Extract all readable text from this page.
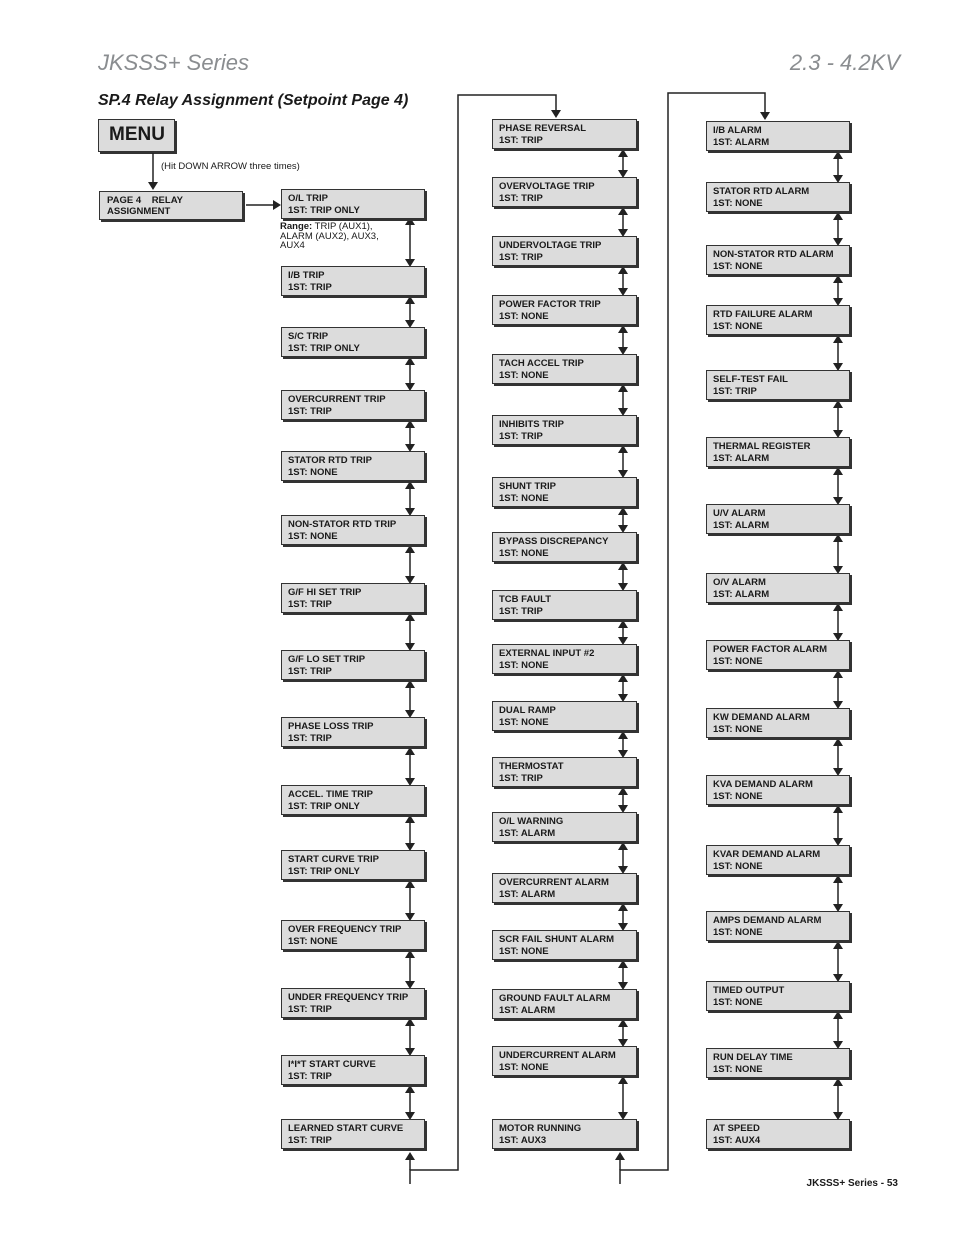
JKSSS+ Series	2.3 - 4.2KV
SP.4 Relay Assignment (Setpoint Page 4)
MENU
(Hit DOWN ARROW three times)
PAGE 4    RELAY
ASSIGNMENT
Range: TRIP (AUX1), ALARM (AUX2), AUX3, AUX4
O/L TRIP
1ST: TRIP ONLY
I/B TRIP
1ST: TRIP
S/C TRIP
1ST: TRIP ONLY
OVERCURRENT TRIP
1ST: TRIP
STATOR RTD TRIP
1ST: NONE
NON-STATOR RTD TRIP
1ST: NONE
G/F HI SET TRIP
1ST: TRIP
G/F LO SET TRIP
1ST: TRIP
PHASE LOSS TRIP
1ST: TRIP
ACCEL. TIME TRIP
1ST: TRIP ONLY
START CURVE TRIP
1ST: TRIP ONLY
OVER FREQUENCY TRIP
1ST: NONE
UNDER FREQUENCY TRIP
1ST: TRIP
I*I*T START CURVE
1ST: TRIP
LEARNED START CURVE
1ST: TRIP
PHASE REVERSAL
1ST: TRIP
OVERVOLTAGE TRIP
1ST: TRIP
UNDERVOLTAGE TRIP
1ST: TRIP
POWER FACTOR TRIP
1ST: NONE
TACH ACCEL TRIP
1ST: NONE
INHIBITS TRIP
1ST: TRIP
SHUNT TRIP
1ST: NONE
BYPASS DISCREPANCY
1ST: NONE
TCB FAULT
1ST: TRIP
EXTERNAL INPUT #2
1ST: NONE
DUAL RAMP
1ST: NONE
THERMOSTAT
1ST: TRIP
O/L WARNING
1ST: ALARM
OVERCURRENT ALARM
1ST: ALARM
SCR FAIL SHUNT ALARM
1ST: NONE
GROUND FAULT ALARM
1ST: ALARM
UNDERCURRENT ALARM
1ST: NONE
MOTOR RUNNING
1ST: AUX3
I/B ALARM
1ST: ALARM
STATOR RTD ALARM
1ST: NONE
NON-STATOR RTD ALARM
1ST: NONE
RTD FAILURE ALARM
1ST: NONE
SELF-TEST FAIL
1ST: TRIP
THERMAL REGISTER
1ST: ALARM
U/V ALARM
1ST: ALARM
O/V ALARM
1ST: ALARM
POWER FACTOR ALARM
1ST: NONE
KW DEMAND ALARM
1ST: NONE
KVA DEMAND ALARM
1ST: NONE
KVAR DEMAND ALARM
1ST: NONE
AMPS DEMAND ALARM
1ST: NONE
TIMED OUTPUT
1ST: NONE
RUN DELAY TIME
1ST: NONE
AT SPEED
1ST: AUX4
JKSSS+ Series - 53
